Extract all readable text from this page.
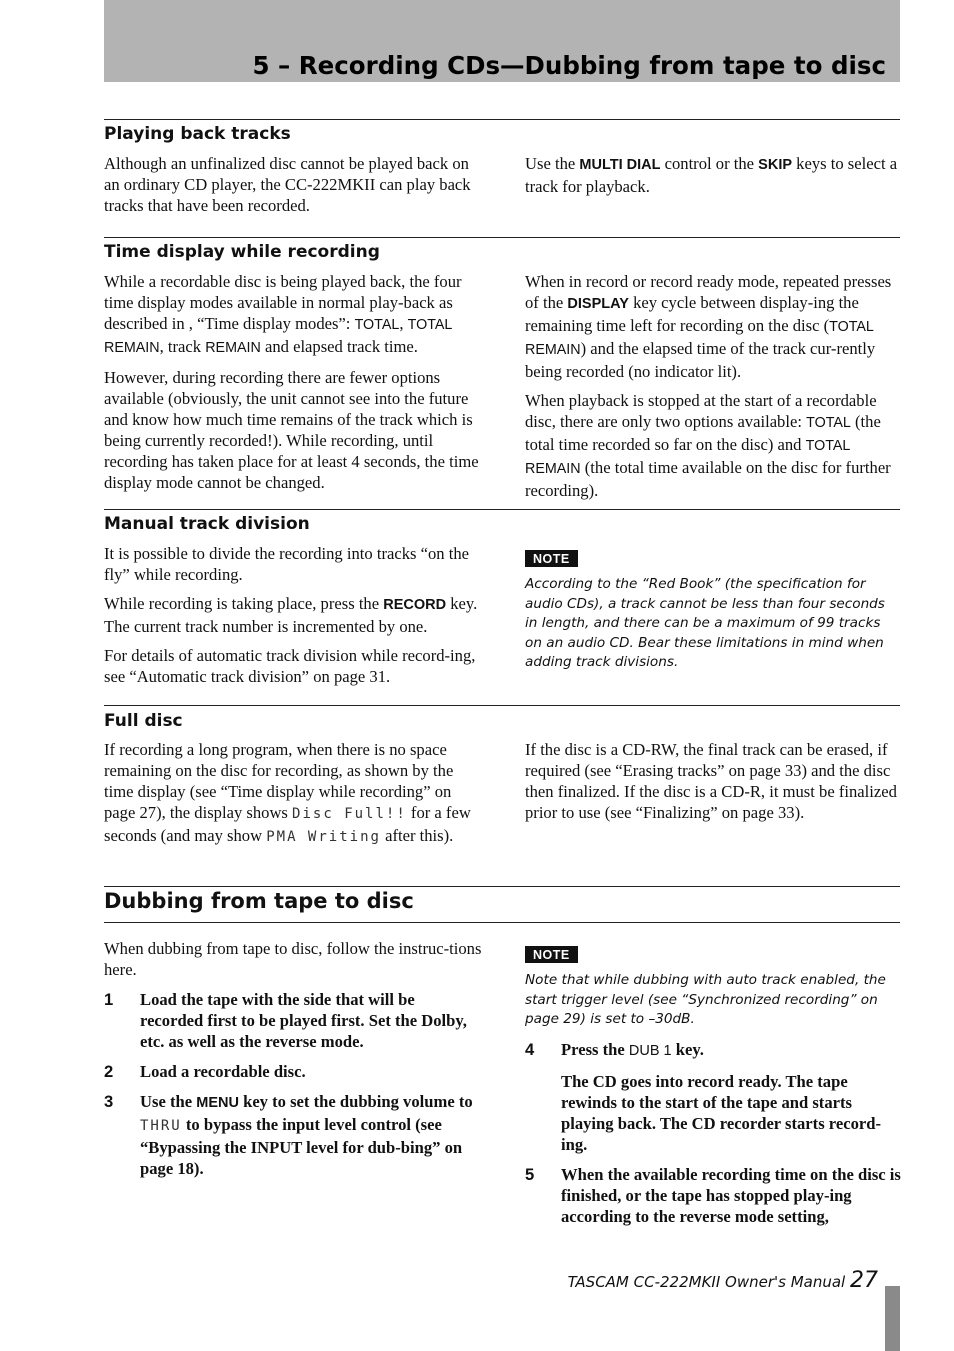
5 – Recording CDs—Dubbing from tape to disc
Playing back tracks

Although an unfinalized disc cannot be played back on an ordinary CD player, the CC-222MKII can play back tracks that have been recorded.

Use the MULTI DIAL control or the SKIP keys to select a track for playback.

Time display while recording

While a recordable disc is being played back, the four time display modes available in normal play-back as described in , “Time display modes”: TOTAL, TOTAL REMAIN, track REMAIN and elapsed track time.

However, during recording there are fewer options available (obviously, the unit cannot see into the future and know how much time remains of the track which is being currently recorded!). While recording, until recording has taken place for at least 4 seconds, the time display mode cannot be changed.

When in record or record ready mode, repeated presses of the DISPLAY key cycle between display-ing the remaining time left for recording on the disc (TOTAL REMAIN) and the elapsed time of the track cur-rently being recorded (no indicator lit).

When playback is stopped at the start of a recordable disc, there are only two options available: TOTAL (the total time recorded so far on the disc) and TOTAL REMAIN (the total time available on the disc for further recording).

Manual track division

It is possible to divide the recording into tracks “on the fly” while recording.

While recording is taking place, press the RECORD key. The current track number is incremented by one.

For details of automatic track division while record-ing, see “Automatic track division” on page 31.

NOTE
According to the “Red Book” (the specification for audio CDs), a track cannot be less than four seconds in length, and there can be a maximum of 99 tracks on an audio CD. Bear these limitations in mind when adding track divisions.
Full disc

If recording a long program, when there is no space remaining on the disc for recording, as shown by the time display (see “Time display while recording” on page 27), the display shows Disc Full!! for a few seconds (and may show PMA Writing after this).

If the disc is a CD-RW, the final track can be erased, if required (see “Erasing tracks” on page 33) and the disc then finalized. If the disc is a CD-R, it must be finalized prior to use (see “Finalizing” on page 33).

Dubbing from tape to disc

When dubbing from tape to disc, follow the instruc-tions here.

1 Load the tape with the side that will be recorded first to be played first. Set the Dolby, etc. as well as the reverse mode.
2 Load a recordable disc.
3 Use the MENU key to set the dubbing volume to THRU to bypass the input level control (see “Bypassing the INPUT level for dub-bing” on page 18).
NOTE
Note that while dubbing with auto track enabled, the start trigger level (see “Synchronized recording” on page 29) is set to –30dB.
4 Press the DUB 1 key.
The CD goes into record ready. The tape rewinds to the start of the tape and starts playing back. The CD recorder starts record-ing.
5 When the available recording time on the disc is finished, or the tape has stopped play-ing according to the reverse mode setting,
TASCAM CC-222MKII Owner's Manual 27
